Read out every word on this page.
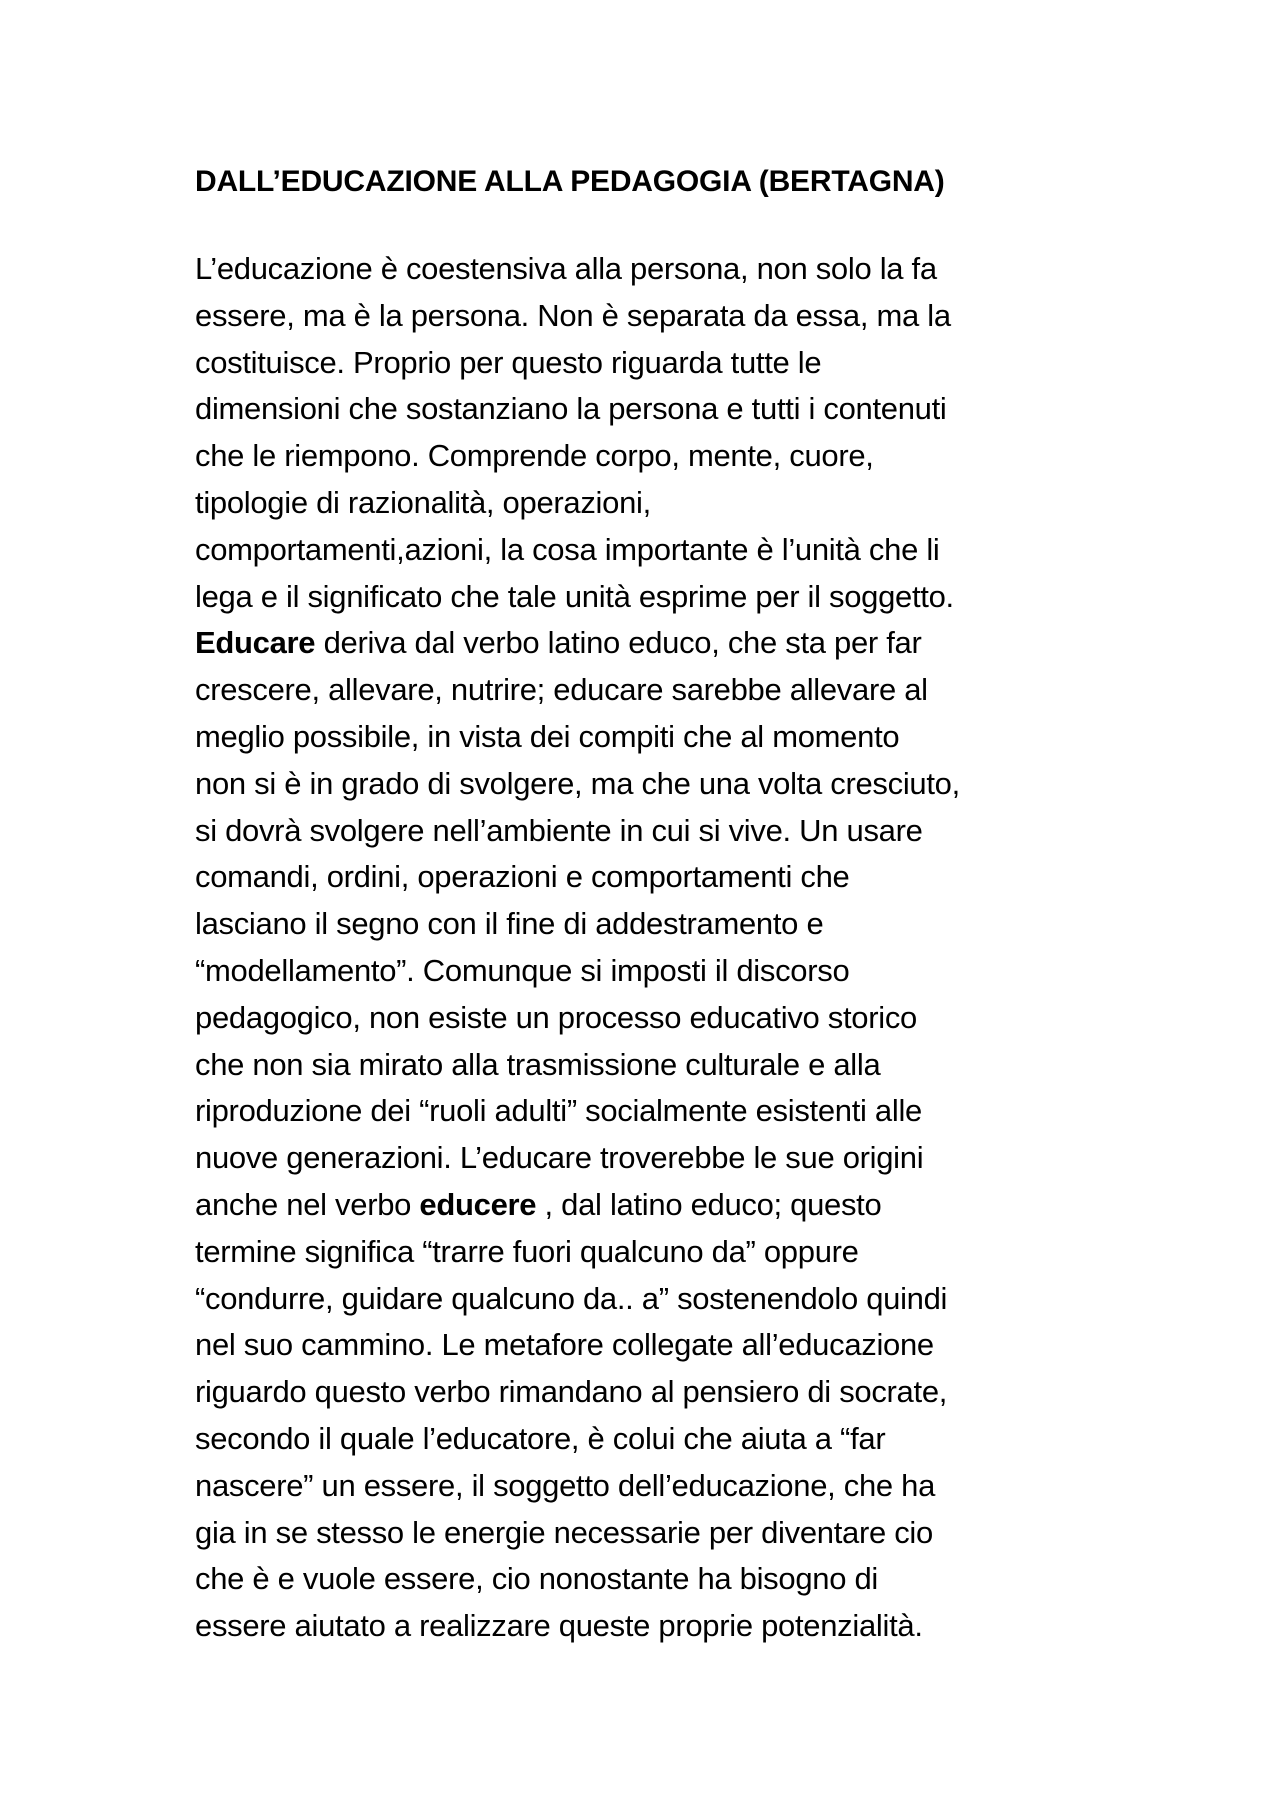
DALL’EDUCAZIONE ALLA PEDAGOGIA (BERTAGNA)

L’educazione è coestensiva alla persona, non solo la fa
essere, ma è la persona. Non è separata da essa, ma la
costituisce. Proprio per questo riguarda tutte le
dimensioni che sostanziano la persona e tutti i contenuti
che le riempono. Comprende corpo, mente, cuore,
tipologie di razionalità, operazioni,
comportamenti,azioni, la cosa importante è l’unità che li
lega e il significato che tale unità esprime per il soggetto.
Educare deriva dal verbo latino educo, che sta per far
crescere, allevare, nutrire; educare sarebbe allevare al
meglio possibile, in vista dei compiti che al momento
non si è in grado di svolgere, ma che una volta cresciuto,
si dovrà svolgere nell’ambiente in cui si vive. Un usare
comandi, ordini, operazioni e comportamenti che
lasciano il segno con il fine di addestramento e
“modellamento”. Comunque si imposti il discorso
pedagogico, non esiste un processo educativo storico
che non sia mirato alla trasmissione culturale e alla
riproduzione dei “ruoli adulti” socialmente esistenti alle
nuove generazioni. L’educare troverebbe le sue origini
anche nel verbo educere , dal latino educo; questo
termine significa “trarre fuori qualcuno da” oppure
“condurre, guidare qualcuno da.. a” sostenendolo quindi
nel suo cammino. Le metafore collegate all’educazione
riguardo questo verbo rimandano al pensiero di socrate,
secondo il quale l’educatore, è colui che aiuta a “far
nascere” un essere, il soggetto dell’educazione, che ha
gia in se stesso le energie necessarie per diventare cio
che è e vuole essere, cio nonostante ha bisogno di
essere aiutato a realizzare queste proprie potenzialità.
